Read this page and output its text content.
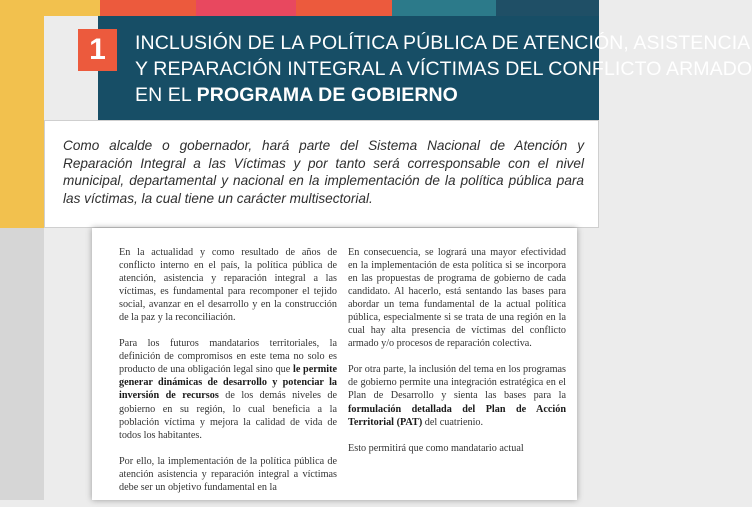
INCLUSIÓN DE LA POLÍTICA PÚBLICA DE ATENCIÓN, ASISTENCIA
Y REPARACIÓN INTEGRAL A VÍCTIMAS DEL CONFLICTO ARMADO
EN EL PROGRAMA DE GOBIERNO
1

Como alcalde o gobernador, hará parte del Sistema Nacional de Atención y Reparación Integral a las Víctimas y por tanto será corresponsable con el nivel municipal, departamental y nacional en la implementación de la política pública para las víctimas, la cual tiene un carácter multisectorial.

En la actualidad y como resultado de años de conflicto interno en el país, la política pública de atención, asistencia y reparación integral a las víctimas, es fundamental para recomponer el tejido social, avanzar en el desarrollo y en la construcción de la paz y la reconciliación.

Para los futuros mandatarios territoriales, la definición de compromisos en este tema no solo es producto de una obligación legal sino que le permite generar dinámicas de desarrollo y potenciar la inversión de recursos de los demás niveles de gobierno en su región, lo cual beneficia a la población víctima y mejora la calidad de vida de todos los habitantes.

Por ello, la implementación de la política pública de atención asistencia y reparación integral a víctimas debe ser un objetivo fundamental en la

En consecuencia, se logrará una mayor efectividad en la implementación de esta política si se incorpora en las propuestas de programa de gobierno de cada candidato. Al hacerlo, está sentando las bases para abordar un tema fundamental de la actual política pública, especialmente si se trata de una región en la cual hay alta presencia de víctimas del conflicto armado y/o procesos de reparación colectiva.

Por otra parte, la inclusión del tema en los programas de gobierno permite una integración estratégica en el Plan de Desarrollo y sienta las bases para la formulación detallada del Plan de Acción Territorial (PAT) del cuatrienio.

Esto permitirá que como mandatario actual
